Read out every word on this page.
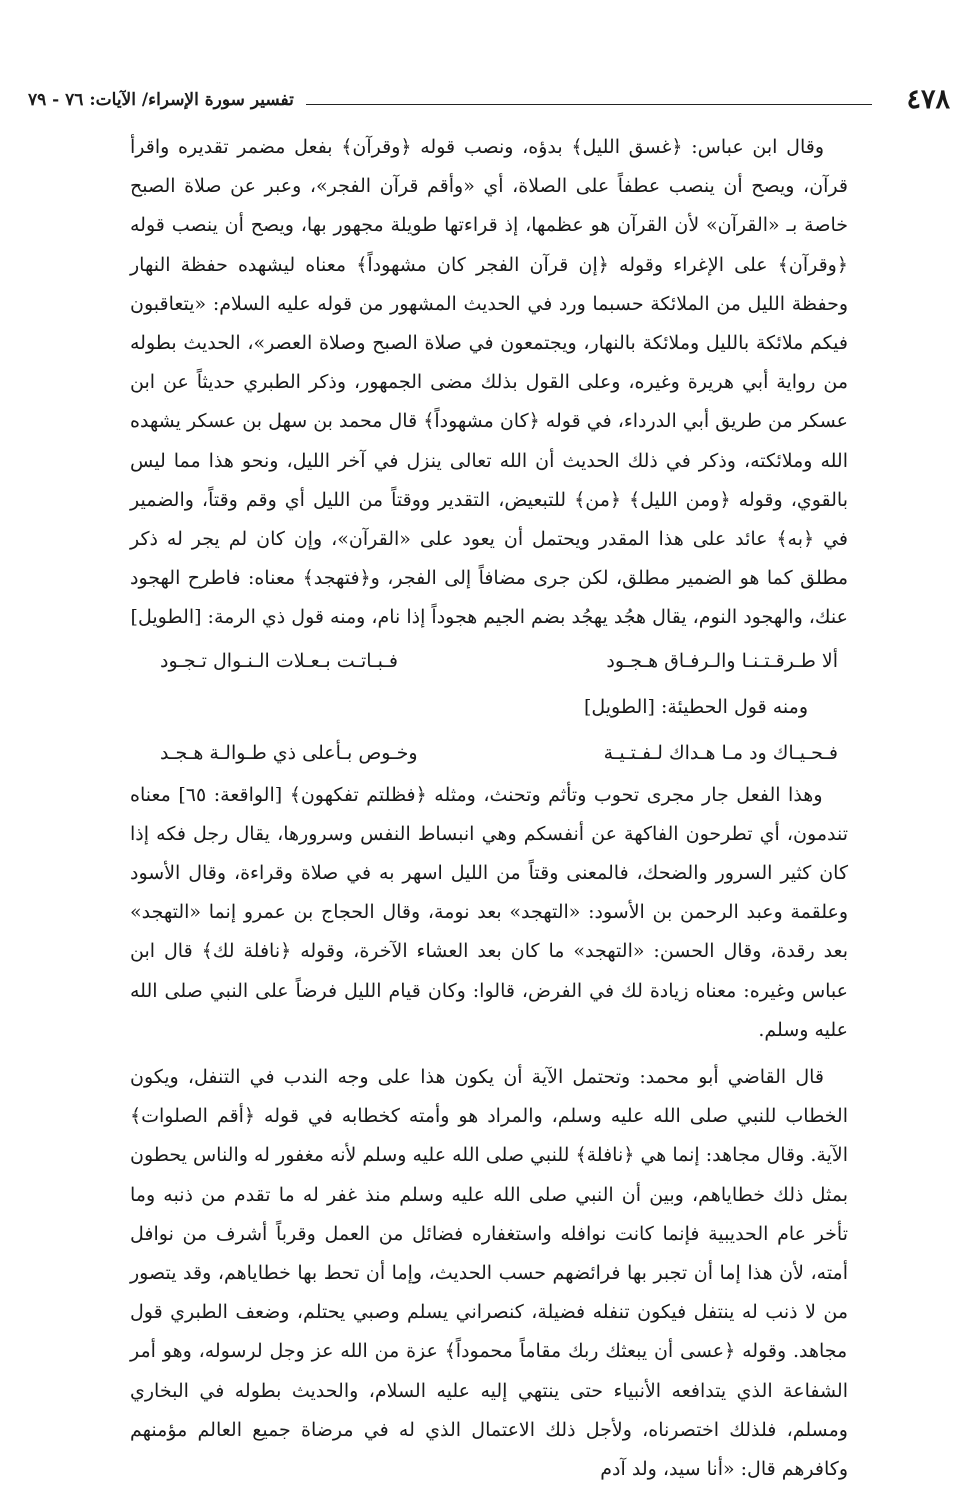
٤٧٨
تفسير سورة الإسراء/ الآيات: ٧٦ - ٧٩
وقال ابن عباس: ﴿غسق الليل﴾ بدؤه، ونصب قوله ﴿وقرآن﴾ بفعل مضمر تقديره واقرأ قرآن، ويصح أن ينصب عطفاً على الصلاة، أي «وأقم قرآن الفجر»، وعبر عن صلاة الصبح خاصة بـ «القرآن» لأن القرآن هو عظمها، إذ قراءتها طويلة مجهور بها، ويصح أن ينصب قوله ﴿وقرآن﴾ على الإغراء وقوله ﴿إن قرآن الفجر كان مشهوداً﴾ معناه ليشهده حفظة النهار وحفظة الليل من الملائكة حسبما ورد في الحديث المشهور من قوله عليه السلام: «يتعاقبون فيكم ملائكة بالليل وملائكة بالنهار، ويجتمعون في صلاة الصبح وصلاة العصر»، الحديث بطوله من رواية أبي هريرة وغيره، وعلى القول بذلك مضى الجمهور، وذكر الطبري حديثاً عن ابن عسكر من طريق أبي الدرداء، في قوله ﴿كان مشهوداً﴾ قال محمد بن سهل بن عسكر يشهده الله وملائكته، وذكر في ذلك الحديث أن الله تعالى ينزل في آخر الليل، ونحو هذا مما ليس بالقوي، وقوله ﴿ومن الليل﴾ ﴿من﴾ للتبعيض، التقدير ووقتاً من الليل أي وقم وقتاً، والضمير في ﴿به﴾ عائد على هذا المقدر ويحتمل أن يعود على «القرآن»، وإن كان لم يجر له ذكر مطلق كما هو الضمير مطلق، لكن جرى مضافاً إلى الفجر، و﴿فتهجد﴾ معناه: فاطرح الهجود عنك، والهجود النوم، يقال هجُد يهجُد بضم الجيم هجوداً إذا نام، ومنه قول ذي الرمة: [الطويل]
ألا طـرقـتـنـا والـرفـاق هـجـود
فـبـاتـت بـعـلات الـنـوال تـجـود
ومنه قول الحطيئة: [الطويل]
فـحـيـاك ود مـا هـداك لـفـتـيـة
وخـوص بـأعلى ذي طـوالـة هـجـد
وهذا الفعل جار مجرى تحوب وتأثم وتحنث، ومثله ﴿فظلتم تفكهون﴾ [الواقعة: ٦٥] معناه تندمون، أي تطرحون الفاكهة عن أنفسكم وهي انبساط النفس وسرورها، يقال رجل فكه إذا كان كثير السرور والضحك، فالمعنى وقتاً من الليل اسهر به في صلاة وقراءة، وقال الأسود وعلقمة وعبد الرحمن بن الأسود: «التهجد» بعد نومة، وقال الحجاج بن عمرو إنما «التهجد» بعد رقدة، وقال الحسن: «التهجد» ما كان بعد العشاء الآخرة، وقوله ﴿نافلة لك﴾ قال ابن عباس وغيره: معناه زيادة لك في الفرض، قالوا: وكان قيام الليل فرضاً على النبي صلى الله عليه وسلم.
قال القاضي أبو محمد: وتحتمل الآية أن يكون هذا على وجه الندب في التنفل، ويكون الخطاب للنبي صلى الله عليه وسلم، والمراد هو وأمته كخطابه في قوله ﴿أقم الصلوات﴾ الآية. وقال مجاهد: إنما هي ﴿نافلة﴾ للنبي صلى الله عليه وسلم لأنه مغفور له والناس يحطون بمثل ذلك خطاياهم، وبين أن النبي صلى الله عليه وسلم منذ غفر له ما تقدم من ذنبه وما تأخر عام الحديبية فإنما كانت نوافله واستغفاره فضائل من العمل وقرباً أشرف من نوافل أمته، لأن هذا إما أن تجبر بها فرائضهم حسب الحديث، وإما أن تحط بها خطاياهم، وقد يتصور من لا ذنب له ينتفل فيكون تنفله فضيلة، كنصراني يسلم وصبي يحتلم، وضعف الطبري قول مجاهد. وقوله ﴿عسى أن يبعثك ربك مقاماً محموداً﴾ عزة من الله عز وجل لرسوله، وهو أمر الشفاعة الذي يتدافعه الأنبياء حتى ينتهي إليه عليه السلام، والحديث بطوله في البخاري ومسلم، فلذلك اختصرناه، ولأجل ذلك الاعتمال الذي له في مرضاة جميع العالم مؤمنهم وكافرهم قال: «أنا سيد، ولد آدم
